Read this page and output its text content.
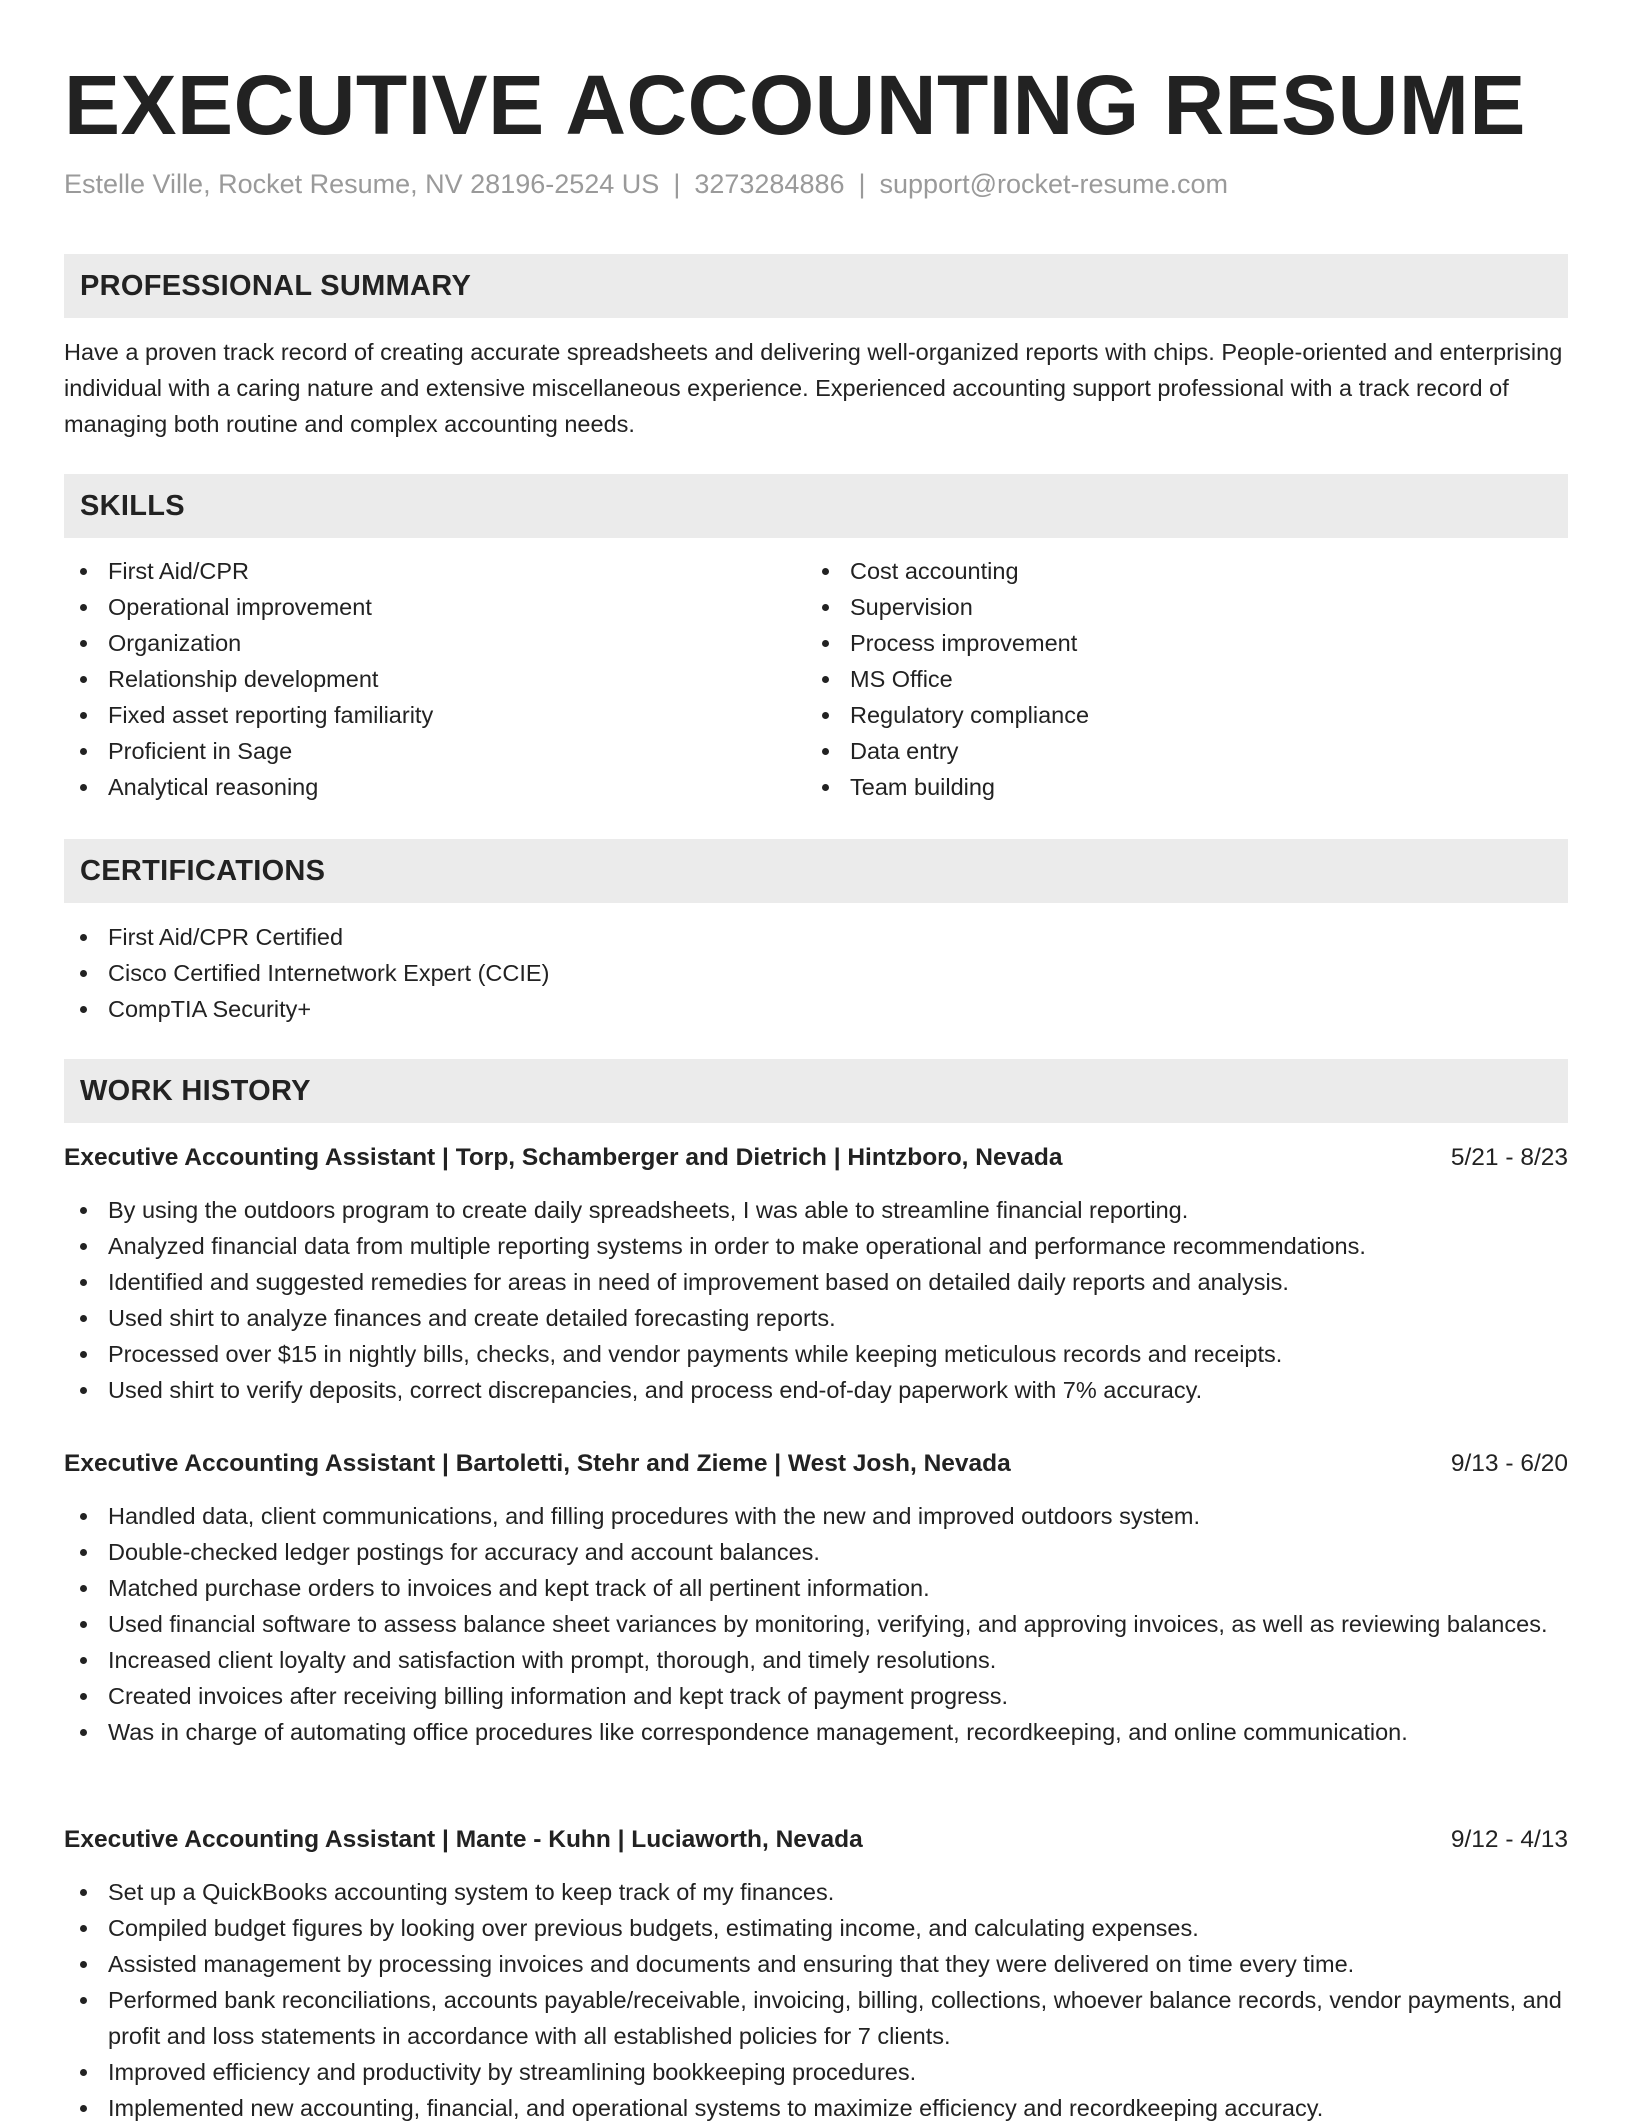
EXECUTIVE ACCOUNTING RESUME
Estelle Ville, Rocket Resume, NV 28196-2524 US | 3273284886 | support@rocket-resume.com
PROFESSIONAL SUMMARY

Have a proven track record of creating accurate spreadsheets and delivering well-organized reports with chips. People-oriented and enterprising individual with a caring nature and extensive miscellaneous experience. Experienced accounting support professional with a track record of managing both routine and complex accounting needs.

SKILLS
First Aid/CPR
Operational improvement
Organization
Relationship development
Fixed asset reporting familiarity
Proficient in Sage
Analytical reasoning
Cost accounting
Supervision
Process improvement
MS Office
Regulatory compliance
Data entry
Team building
CERTIFICATIONS
First Aid/CPR Certified
Cisco Certified Internetwork Expert (CCIE)
CompTIA Security+
WORK HISTORY
Executive Accounting Assistant | Torp, Schamberger and Dietrich | Hintzboro, Nevada	5/21 - 8/23
By using the outdoors program to create daily spreadsheets, I was able to streamline financial reporting.
Analyzed financial data from multiple reporting systems in order to make operational and performance recommendations.
Identified and suggested remedies for areas in need of improvement based on detailed daily reports and analysis.
Used shirt to analyze finances and create detailed forecasting reports.
Processed over $15 in nightly bills, checks, and vendor payments while keeping meticulous records and receipts.
Used shirt to verify deposits, correct discrepancies, and process end-of-day paperwork with 7% accuracy.
Executive Accounting Assistant | Bartoletti, Stehr and Zieme | West Josh, Nevada	9/13 - 6/20
Handled data, client communications, and filling procedures with the new and improved outdoors system.
Double-checked ledger postings for accuracy and account balances.
Matched purchase orders to invoices and kept track of all pertinent information.
Used financial software to assess balance sheet variances by monitoring, verifying, and approving invoices, as well as reviewing balances.
Increased client loyalty and satisfaction with prompt, thorough, and timely resolutions.
Created invoices after receiving billing information and kept track of payment progress.
Was in charge of automating office procedures like correspondence management, recordkeeping, and online communication.
Executive Accounting Assistant | Mante - Kuhn | Luciaworth, Nevada	9/12 - 4/13
Set up a QuickBooks accounting system to keep track of my finances.
Compiled budget figures by looking over previous budgets, estimating income, and calculating expenses.
Assisted management by processing invoices and documents and ensuring that they were delivered on time every time.
Performed bank reconciliations, accounts payable/receivable, invoicing, billing, collections, whoever balance records, vendor payments, and profit and loss statements in accordance with all established policies for 7 clients.
Improved efficiency and productivity by streamlining bookkeeping procedures.
Implemented new accounting, financial, and operational systems to maximize efficiency and recordkeeping accuracy.
